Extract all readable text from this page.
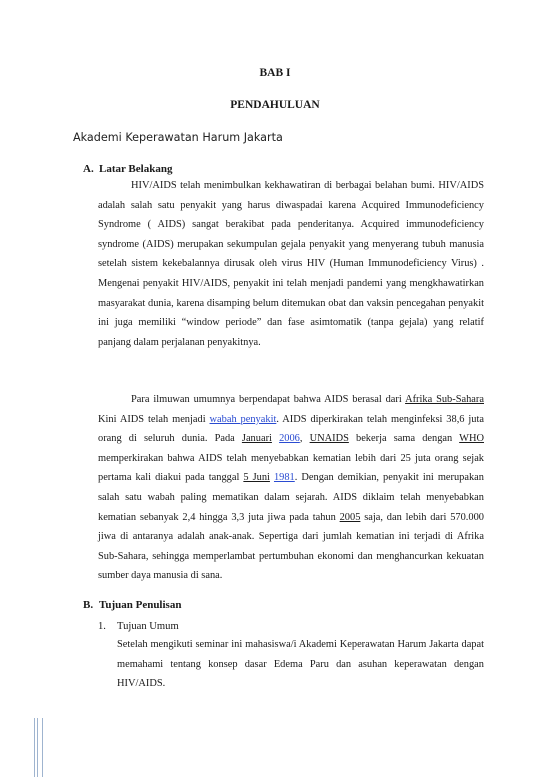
BAB I
PENDAHULUAN
Akademi Keperawatan Harum Jakarta
A. Latar Belakang

HIV/AIDS telah menimbulkan kekhawatiran di berbagai belahan bumi. HIV/AIDS adalah salah satu penyakit yang harus diwaspadai karena Acquired Immunodeficiency Syndrome ( AIDS) sangat berakibat pada penderitanya. Acquired immunodeficiency syndrome (AIDS) merupakan sekumpulan gejala penyakit yang menyerang tubuh manusia setelah sistem kekebalannya dirusak oleh virus HIV (Human Immunodeficiency Virus) . Mengenai penyakit HIV/AIDS, penyakit ini telah menjadi pandemi yang mengkhawatirkan masyarakat dunia, karena disamping belum ditemukan obat dan vaksin pencegahan penyakit ini juga memiliki “window periode” dan fase asimtomatik (tanpa gejala) yang relatif panjang dalam perjalanan penyakitnya.

Para ilmuwan umumnya berpendapat bahwa AIDS berasal dari Afrika Sub-Sahara Kini AIDS telah menjadi wabah penyakit. AIDS diperkirakan telah menginfeksi 38,6 juta orang di seluruh dunia. Pada Januari 2006, UNAIDS bekerja sama dengan WHO memperkirakan bahwa AIDS telah menyebabkan kematian lebih dari 25 juta orang sejak pertama kali diakui pada tanggal 5 Juni 1981. Dengan demikian, penyakit ini merupakan salah satu wabah paling mematikan dalam sejarah. AIDS diklaim telah menyebabkan kematian sebanyak 2,4 hingga 3,3 juta jiwa pada tahun 2005 saja, dan lebih dari 570.000 jiwa di antaranya adalah anak-anak. Sepertiga dari jumlah kematian ini terjadi di Afrika Sub-Sahara, sehingga memperlambat pertumbuhan ekonomi dan menghancurkan kekuatan sumber daya manusia di sana.

B. Tujuan Penulisan
1. Tujuan Umum

Setelah mengikuti seminar ini mahasiswa/i Akademi Keperawatan Harum Jakarta dapat memahami tentang konsep dasar Edema Paru dan asuhan keperawatan dengan HIV/AIDS.
